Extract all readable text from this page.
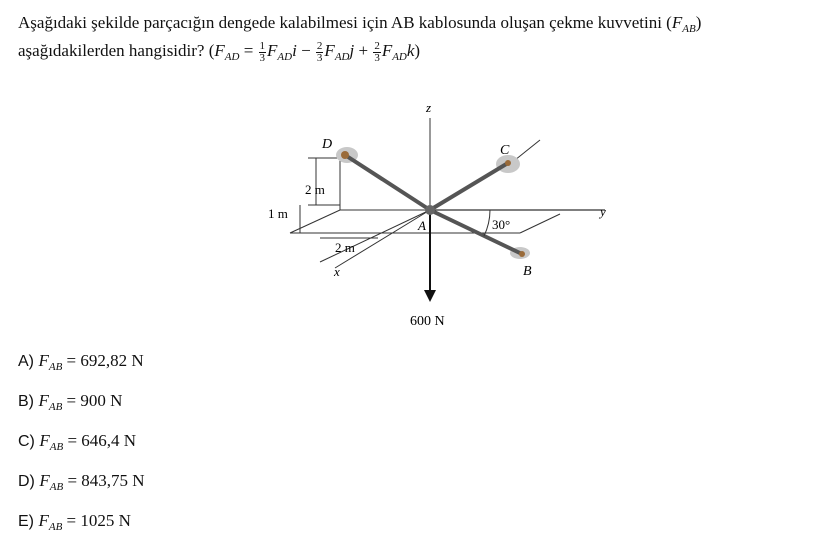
Aşağıdaki şekilde parçacığın dengede kalabilmesi için AB kablosunda oluşan çekme kuvvetini $(F_{AB})$
aşağıdakilerden hangisidir? $(F_{AD} = \frac{1}{3} F_{AD}i - \frac{2}{3} F_{AD}j + \frac{2}{3} F_{AD}k)$
z
y
x
D	C
A
B
2 m
1 m
2 m
30°
600 N
A) $F_{AB} = 692,82$ N
B) $F_{AB} = 900$ N
C) $F_{AB} = 646,4$ N
D) $F_{AB} = 843,75$ N
E) $F_{AB} = 1025$ N
